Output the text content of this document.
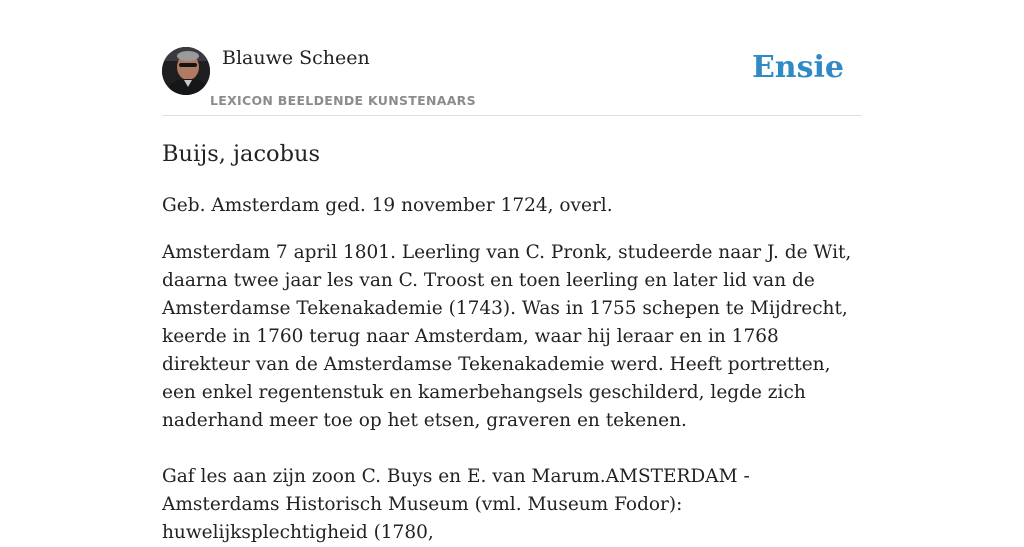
Blauwe Scheen
LEXICON BEELDENDE KUNSTENAARS
Ensie
Buijs, jacobus

Geb. Amsterdam ged. 19 november 1724, overl.

Amsterdam 7 april 1801. Leerling van C. Pronk, studeerde naar J. de Wit, daarna twee jaar les van C. Troost en toen leerling en later lid van de Amsterdamse Tekenakademie (1743). Was in 1755 schepen te Mijdrecht, keerde in 1760 terug naar Amsterdam, waar hij leraar en in 1768 direkteur van de Amsterdamse Tekenakademie werd. Heeft portretten, een enkel regentenstuk en kamerbehangsels geschilderd, legde zich naderhand meer toe op het etsen, graveren en tekenen.

Gaf les aan zijn zoon C. Buys en E. van Marum.AMSTERDAM -Amsterdams Historisch Museum (vml. Museum Fodor): huwelijksplechtigheid (1780,
